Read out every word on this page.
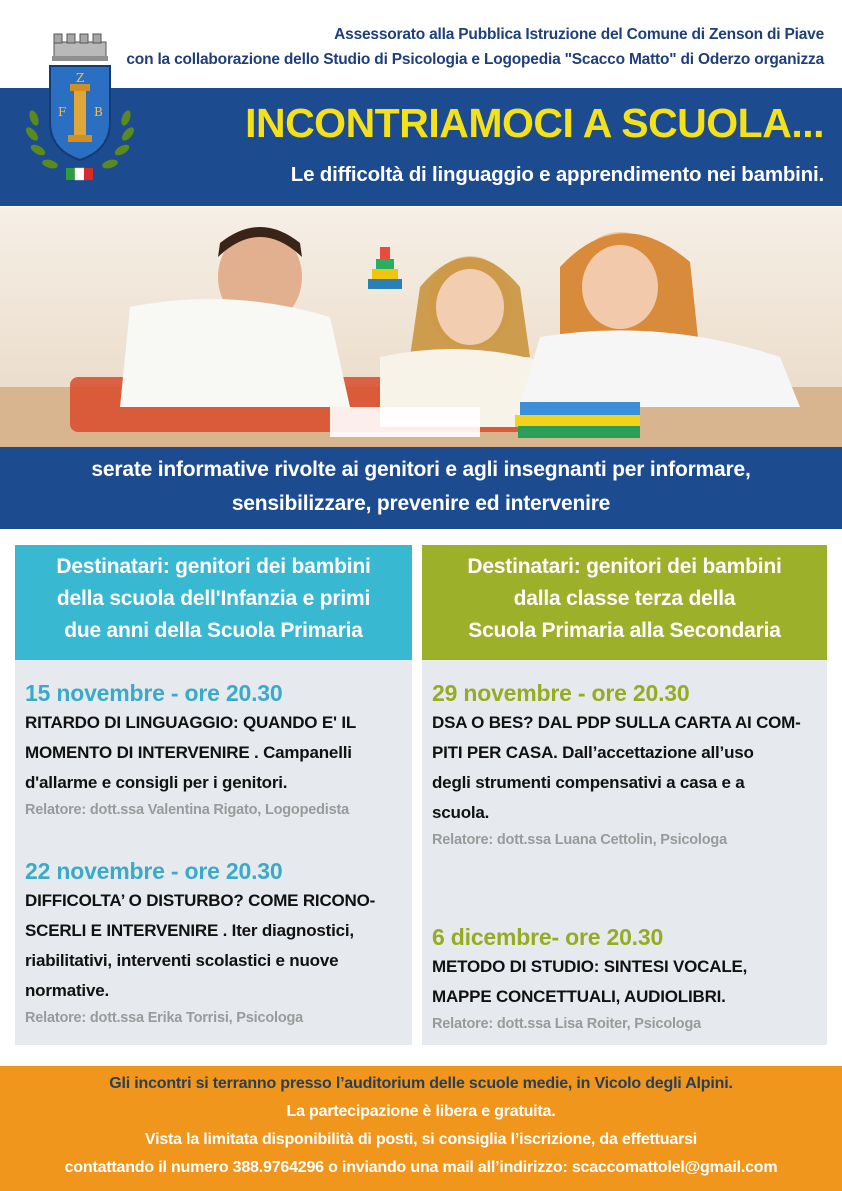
Assessorato alla Pubblica Istruzione del Comune di Zenson di Piave
con la collaborazione dello Studio di Psicologia e Logopedia "Scacco Matto" di Oderzo organizza
INCONTRIAMOCI A SCUOLA...
Le difficoltà di linguaggio e apprendimento nei bambini.
F
Z
B
serate informative rivolte ai genitori e agli insegnanti per informare,
sensibilizzare, prevenire ed intervenire
Destinatari: genitori dei bambini
della scuola dell'Infanzia e primi
due anni della Scuola Primaria
15 novembre - ore 20.30
RITARDO DI LINGUAGGIO: QUANDO E' IL
MOMENTO DI INTERVENIRE . Campanelli
d'allarme e consigli per i genitori.
Relatore: dott.ssa Valentina Rigato, Logopedista
22 novembre - ore 20.30
DIFFICOLTA’ O DISTURBO? COME RICONO-
SCERLI E INTERVENIRE . Iter diagnostici,
riabilitativi, interventi scolastici e nuove
normative.
Relatore: dott.ssa Erika Torrisi, Psicologa
Destinatari: genitori dei bambini
dalla classe terza della
Scuola Primaria alla Secondaria
29 novembre - ore 20.30
DSA O BES? DAL PDP SULLA CARTA AI COM-
PITI PER CASA. Dall’accettazione all’uso
degli strumenti compensativi a casa e a
scuola.
Relatore: dott.ssa Luana Cettolin, Psicologa
6 dicembre- ore 20.30
METODO DI STUDIO: SINTESI VOCALE,
MAPPE CONCETTUALI, AUDIOLIBRI.
Relatore: dott.ssa Lisa Roiter, Psicologa
Gli incontri si terranno presso l’auditorium delle scuole medie, in Vicolo degli Alpini.
La partecipazione è libera e gratuita.
Vista la limitata disponibilità di posti, si consiglia l’iscrizione, da effettuarsi
contattando il numero 388.9764296 o inviando una mail all’indirizzo: scaccomattolel@gmail.com
